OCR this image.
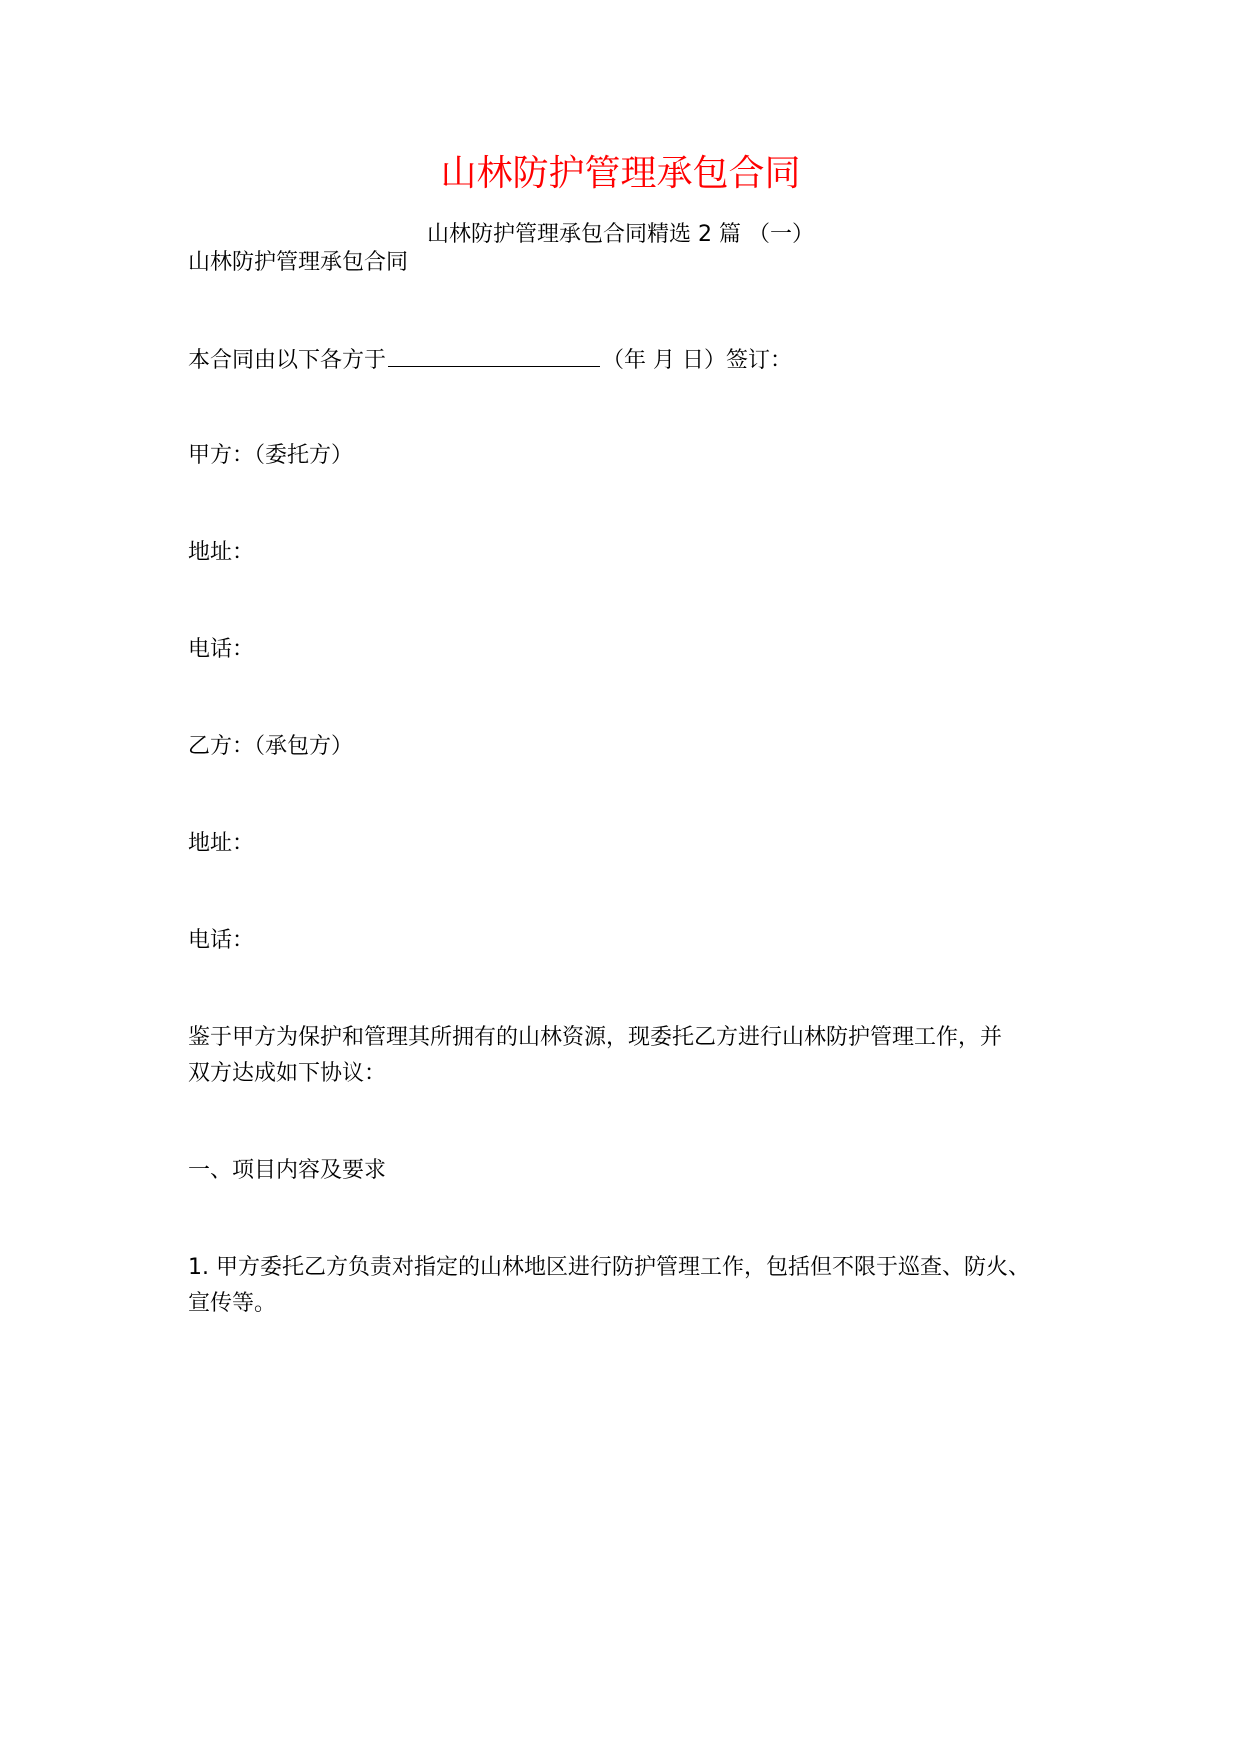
山林防护管理承包合同
山林防护管理承包合同精选 2 篇 （一）
山林防护管理承包合同
本合同由以下各方于	（年 月 日）签订：
甲方：（委托方）
地址：
电话：
乙方：（承包方）
地址：
电话：
鉴于甲方为保护和管理其所拥有的山林资源，现委托乙方进行山林防护管理工作，并
双方达成如下协议：
一、项目内容及要求
1. 甲方委托乙方负责对指定的山林地区进行防护管理工作，包括但不限于巡查、防火、
宣传等。
